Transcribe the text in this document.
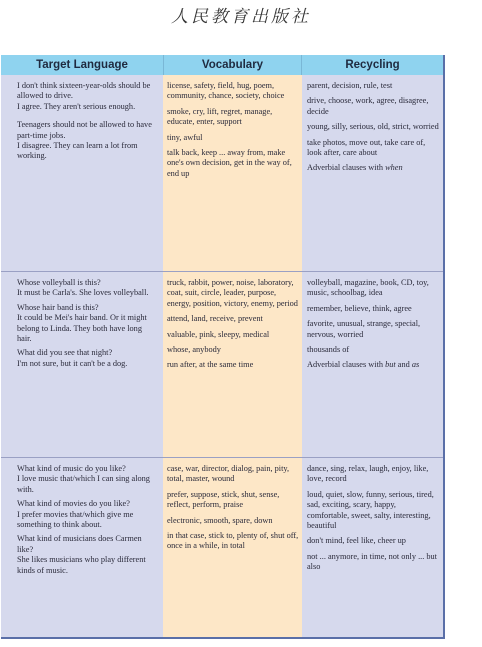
人民教育出版社
Target Language	Vocabulary	Recycling

I don't think sixteen-year-olds should be allowed to drive.

I agree. They aren't serious enough.

Teenagers should not be allowed to have part-time jobs.

I disagree. They can learn a lot from working.

license, safety, field, hug, poem, community, chance, society, choice

smoke, cry, lift, regret, manage, educate, enter, support

tiny, awful

talk back, keep ... away from, make one's own decision, get in the way of, end up

parent, decision, rule, test

drive, choose, work, agree, disagree, decide

young, silly, serious, old, strict, worried

take photos, move out, take care of, look after, care about

Adverbial clauses with when

Whose volleyball is this?

It must be Carla's. She loves volleyball.

Whose hair band is this?

It could be Mei's hair band. Or it might belong to Linda. They both have long hair.

What did you see that night?

I'm not sure, but it can't be a dog.

truck, rabbit, power, noise, laboratory, coat, suit, circle, leader, purpose, energy, position, victory, enemy, period

attend, land, receive, prevent

valuable, pink, sleepy, medical

whose, anybody

run after, at the same time

volleyball, magazine, book, CD, toy, music, schoolbag, idea

remember, believe, think, agree

favorite, unusual, strange, special, nervous, worried

thousands of

Adverbial clauses with but and as

What kind of music do you like?

I love music that/which I can sing along with.

What kind of movies do you like?

I prefer movies that/which give me something to think about.

What kind of musicians does Carmen like?

She likes musicians who play different kinds of music.

case, war, director, dialog, pain, pity, total, master, wound

prefer, suppose, stick, shut, sense, reflect, perform, praise

electronic, smooth, spare, down

in that case, stick to, plenty of, shut off, once in a while, in total

dance, sing, relax, laugh, enjoy, like, love, record

loud, quiet, slow, funny, serious, tired, sad, exciting, scary, happy, comfortable, sweet, salty, interesting, beautiful

don't mind, feel like, cheer up

not ... anymore, in time, not only ... but also
